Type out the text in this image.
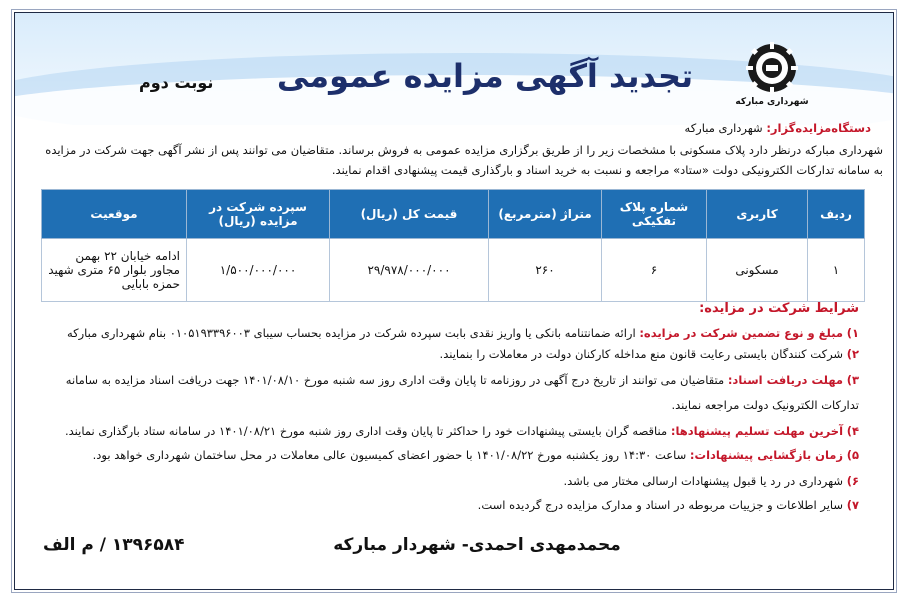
شهرداری مبارکه
تجدید آگهی مزایده عمومی
نوبت دوم
دستگاه‌مزایده‌گزار: شهرداری مبارکه
شهرداری مبارکه درنظر دارد پلاک مسکونی با مشخصات زیر را از طریق برگزاری مزایده عمومی به فروش برساند. متقاضیان می توانند پس از نشر آگهی جهت شرکت در مزایده
به سامانه تدارکات الکترونیکی دولت «ستاد» مراجعه و نسبت به خرید اسناد و بارگذاری قیمت پیشنهادی اقدام نمایند.
ردیف	کاربری	شماره پلاک تفکیکی	متراژ (مترمربع)	قیمت کل (ریال)	سپرده شرکت در مزایده (ریال)	موقعیت
۱	مسکونی	۶	۲۶۰	۲۹/۹۷۸/۰۰۰/۰۰۰	۱/۵۰۰/۰۰۰/۰۰۰	ادامه خیابان ۲۲ بهمن مجاور بلوار ۶۵ متری شهید حمزه بابایی
شرایط شرکت در مزایده:
۱) مبلغ و نوع تضمین شرکت در مزایده: ارائه ضمانتنامه بانکی یا واریز نقدی بابت سپرده شرکت در مزایده بحساب سیبای ۰۱۰۵۱۹۳۳۹۶۰۰۳ بنام شهرداری مبارکه
۲) شرکت کنندگان بایستی رعایت قانون منع مداخله کارکنان دولت در معاملات را بنمایند.
۳) مهلت دریافت اسناد: متقاضیان می توانند از تاریخ درج آگهی در روزنامه تا پایان وقت اداری روز سه شنبه مورخ ۱۴۰۱/۰۸/۱۰ جهت دریافت اسناد مزایده به سامانه
تدارکات الکترونیک دولت مراجعه نمایند.
۴) آخرین مهلت تسلیم پیشنهادها: مناقصه گران بایستی پیشنهادات خود را حداکثر تا پایان وقت اداری روز شنبه مورخ ۱۴۰۱/۰۸/۲۱ در سامانه ستاد بارگذاری نمایند.
۵) زمان بازگشایی پیشنهادات: ساعت ۱۴:۳۰ روز یکشنبه مورخ ۱۴۰۱/۰۸/۲۲ با حضور اعضای کمیسیون عالی معاملات در محل ساختمان شهرداری خواهد بود.
۶) شهرداری در رد یا قبول پیشنهادات ارسالی مختار می باشد.
۷) سایر اطلاعات و جزییات مربوطه در اسناد و مدارک مزایده درج گردیده است.
محمدمهدی احمدی- شهردار مبارکه
۱۳۹۶۵۸۴ / م الف
